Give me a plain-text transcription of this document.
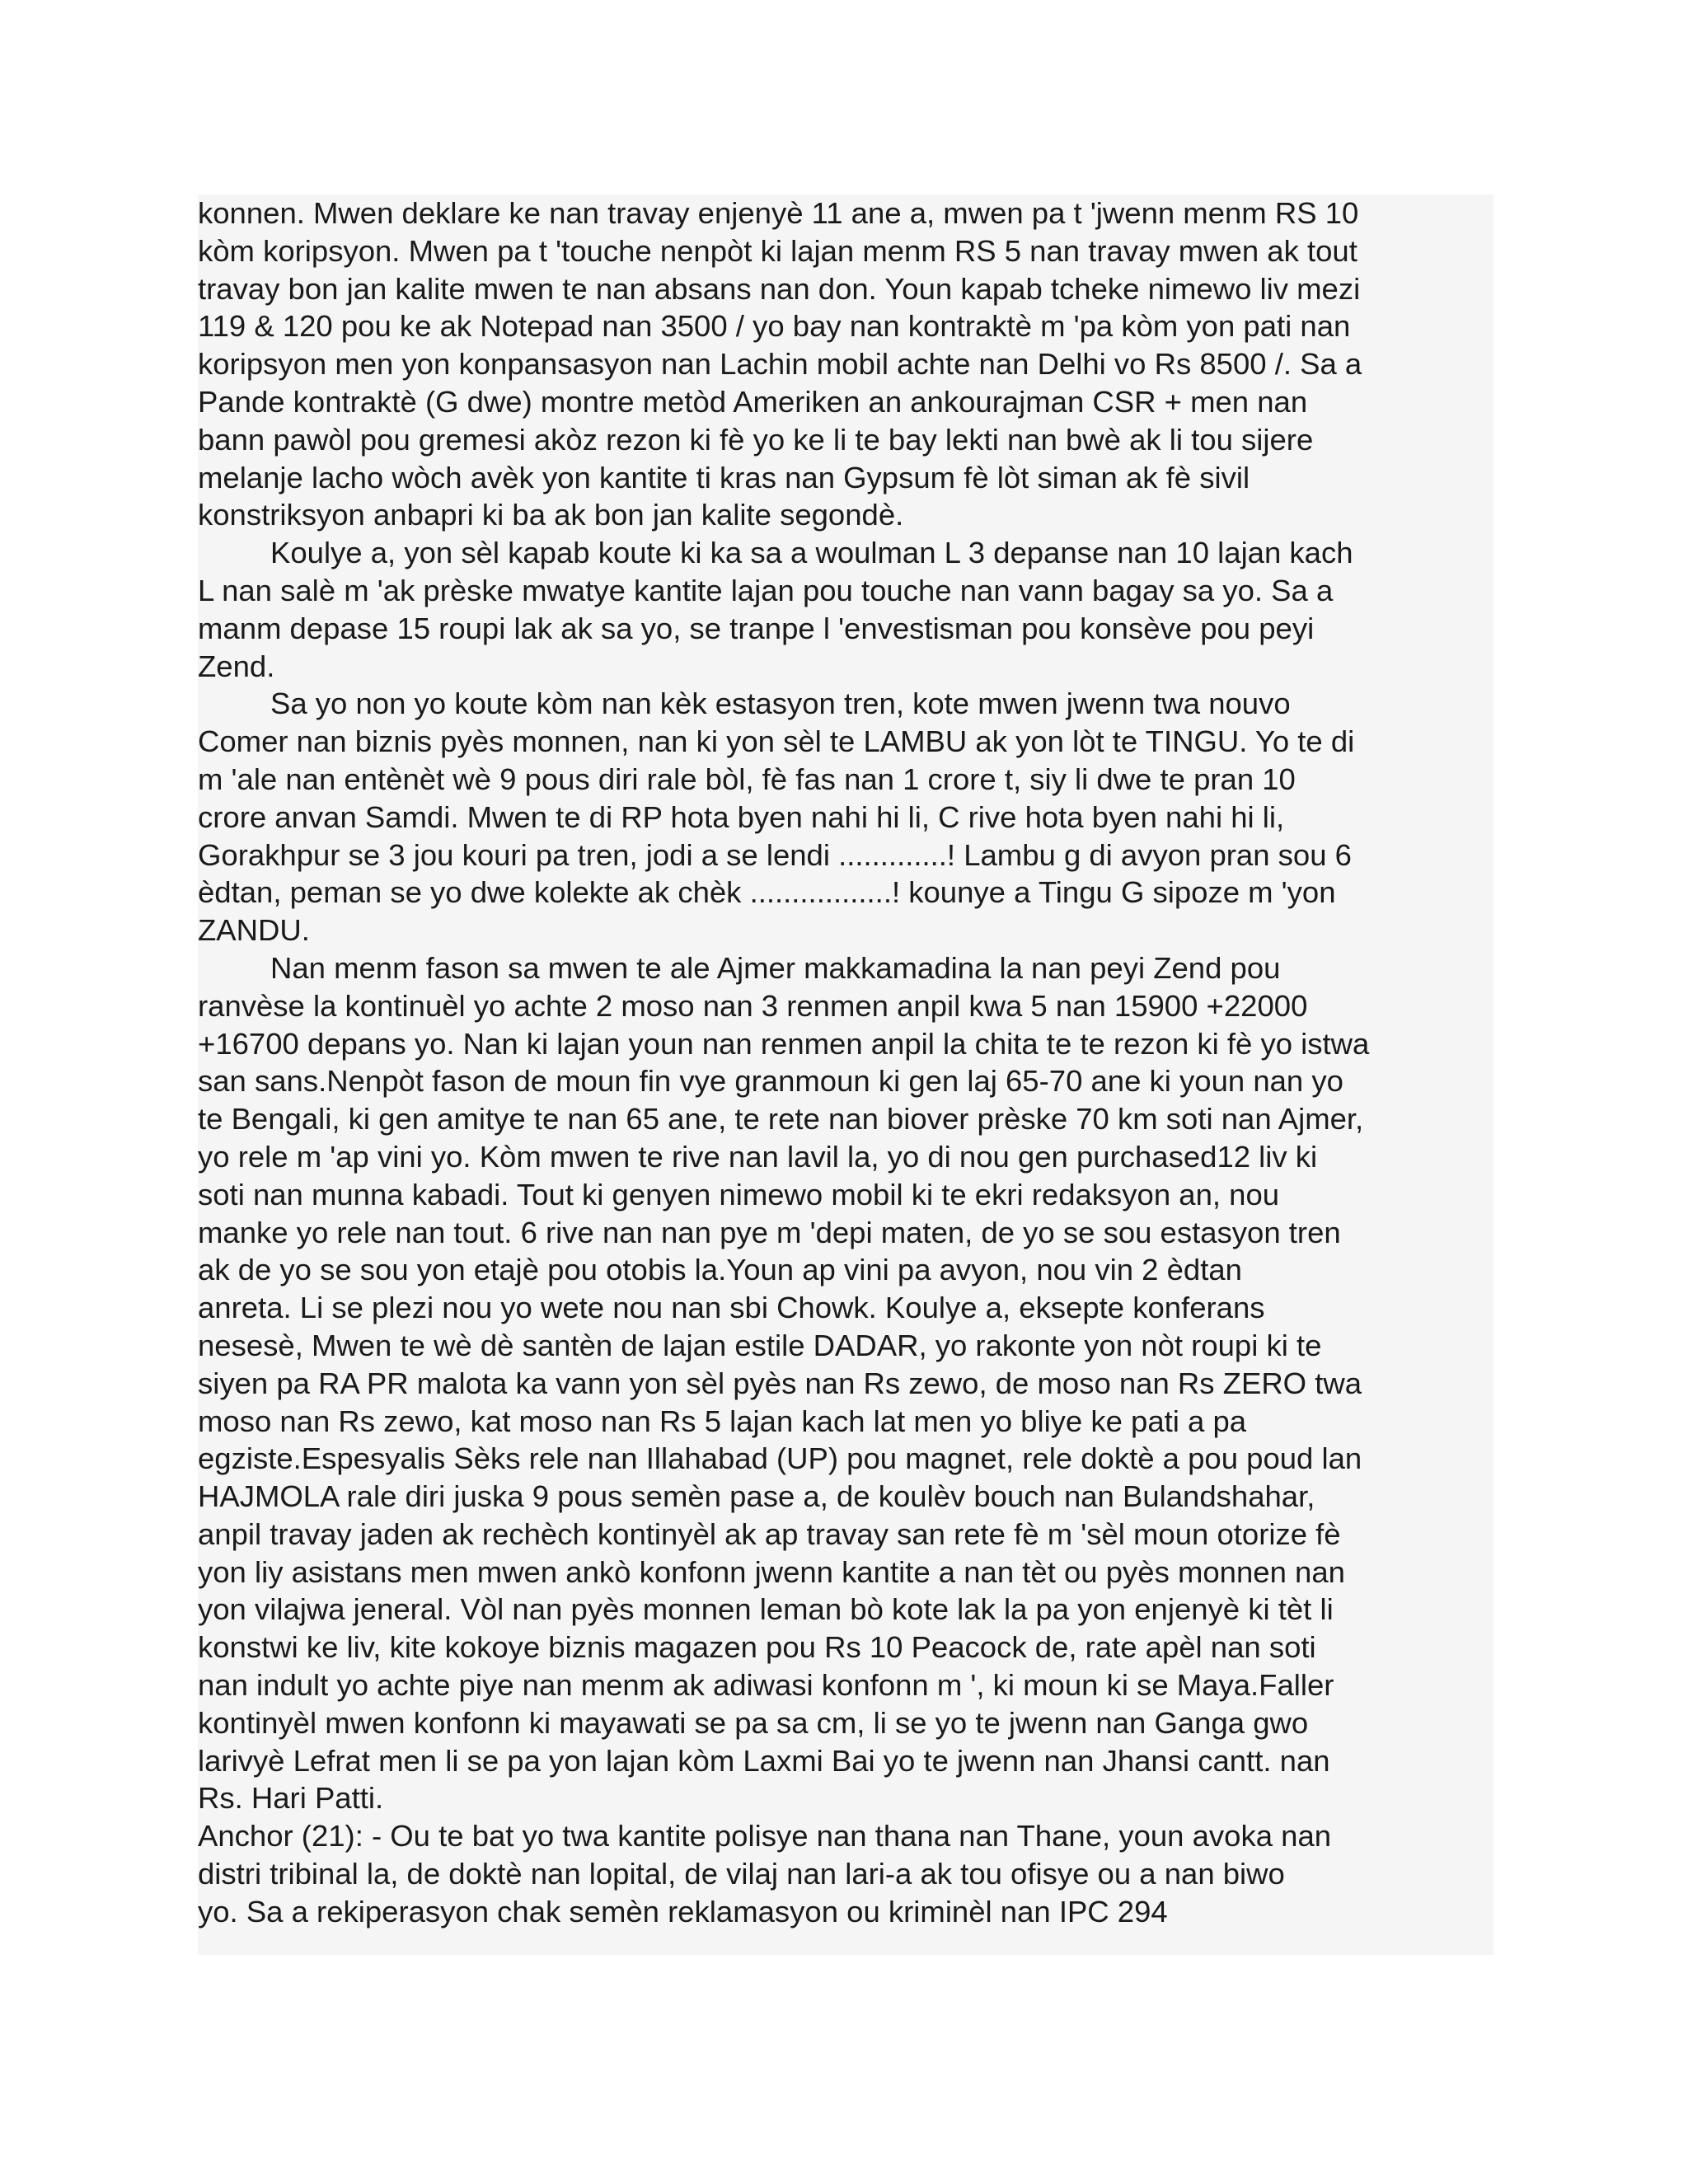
konnen. Mwen deklare ke nan travay enjenyè 11 ane a, mwen pa t 'jwenn menm RS 10
kòm koripsyon. Mwen pa t 'touche nenpòt ki lajan menm RS 5 nan travay mwen ak tout
travay bon jan kalite mwen te nan absans nan don. Youn kapab tcheke nimewo liv mezi
119 & 120 pou ke ak Notepad nan 3500 / yo bay nan kontraktè m 'pa kòm yon pati nan
koripsyon men yon konpansasyon nan Lachin mobil achte nan Delhi vo Rs 8500 /. Sa a
Pande kontraktè (G dwe) montre metòd Ameriken an ankourajman CSR + men nan
bann pawòl pou gremesi akòz rezon ki fè yo ke li te bay lekti nan bwè ak li tou sijere
melanje lacho wòch avèk yon kantite ti kras nan Gypsum fè lòt siman ak fè sivil
konstriksyon anbapri ki ba ak bon jan kalite segondè.
Koulye a, yon sèl kapab koute ki ka sa a woulman L 3 depanse nan 10 lajan kach
L nan salè m 'ak prèske mwatye kantite lajan pou touche nan vann bagay sa yo. Sa a
manm depase 15 roupi lak ak sa yo, se tranpe l 'envestisman pou konsève pou peyi
Zend.
Sa yo non yo koute kòm nan kèk estasyon tren, kote mwen jwenn twa nouvo
Comer nan biznis pyès monnen, nan ki yon sèl te LAMBU ak yon lòt te TINGU. Yo te di
m 'ale nan entènèt wè 9 pous diri rale bòl, fè fas nan 1 crore t, siy li dwe te pran 10
crore anvan Samdi. Mwen te di RP hota byen nahi hi li, C rive hota byen nahi hi li,
Gorakhpur se 3 jou kouri pa tren, jodi a se lendi .............! Lambu g di avyon pran sou 6
èdtan, peman se yo dwe kolekte ak chèk .................! kounye a Tingu G sipoze m 'yon
ZANDU.
Nan menm fason sa mwen te ale Ajmer makkamadina la nan peyi Zend pou
ranvèse la kontinuèl yo achte 2 moso nan 3 renmen anpil kwa 5 nan 15900 +22000
+16700 depans yo. Nan ki lajan youn nan renmen anpil la chita te te rezon ki fè yo istwa
san sans.Nenpòt fason de moun fin vye granmoun ki gen laj 65-70 ane ki youn nan yo
te Bengali, ki gen amitye te nan 65 ane, te rete nan biover prèske 70 km soti nan Ajmer,
yo rele m 'ap vini yo. Kòm mwen te rive nan lavil la, yo di nou gen purchased12 liv ki
soti nan munna kabadi. Tout ki genyen nimewo mobil ki te ekri redaksyon an, nou
manke yo rele nan tout. 6 rive nan nan pye m 'depi maten, de yo se sou estasyon tren
ak de yo se sou yon etajè pou otobis la.Youn ap vini pa avyon, nou vin 2 èdtan
anreta. Li se plezi nou yo wete nou nan sbi Chowk. Koulye a, eksepte konferans
nesesè, Mwen te wè dè santèn de lajan estile DADAR, yo rakonte yon nòt roupi ki te
siyen pa RA PR malota ka vann yon sèl pyès nan Rs zewo, de moso nan Rs ZERO twa
moso nan Rs zewo, kat moso nan Rs 5 lajan kach lat men yo bliye ke pati a pa
egziste.Espesyalis Sèks rele nan Illahabad (UP) pou magnet, rele doktè a pou poud lan
HAJMOLA rale diri juska 9 pous semèn pase a, de koulèv bouch nan Bulandshahar,
anpil travay jaden ak rechèch kontinyèl ak ap travay san rete fè m 'sèl moun otorize fè
yon liy asistans men mwen ankò konfonn jwenn kantite a nan tèt ou pyès monnen nan
yon vilajwa jeneral. Vòl nan pyès monnen leman bò kote lak la pa yon enjenyè ki tèt li
konstwi ke liv, kite kokoye biznis magazen pou Rs 10 Peacock de, rate apèl nan soti
nan indult yo achte piye nan menm ak adiwasi konfonn m ', ki moun ki se Maya.Faller
kontinyèl mwen konfonn ki mayawati se pa sa cm, li se yo te jwenn nan Ganga gwo
larivyè Lefrat men li se pa yon lajan kòm Laxmi Bai yo te jwenn nan Jhansi cantt. nan
Rs. Hari Patti.
Anchor (21): - Ou te bat yo twa kantite polisye nan thana nan Thane, youn avoka nan
distri tribinal la, de doktè nan lopital, de vilaj nan lari-a ak tou ofisye ou a nan biwo
yo. Sa a rekiperasyon chak semèn reklamasyon ou kriminèl nan IPC 294
